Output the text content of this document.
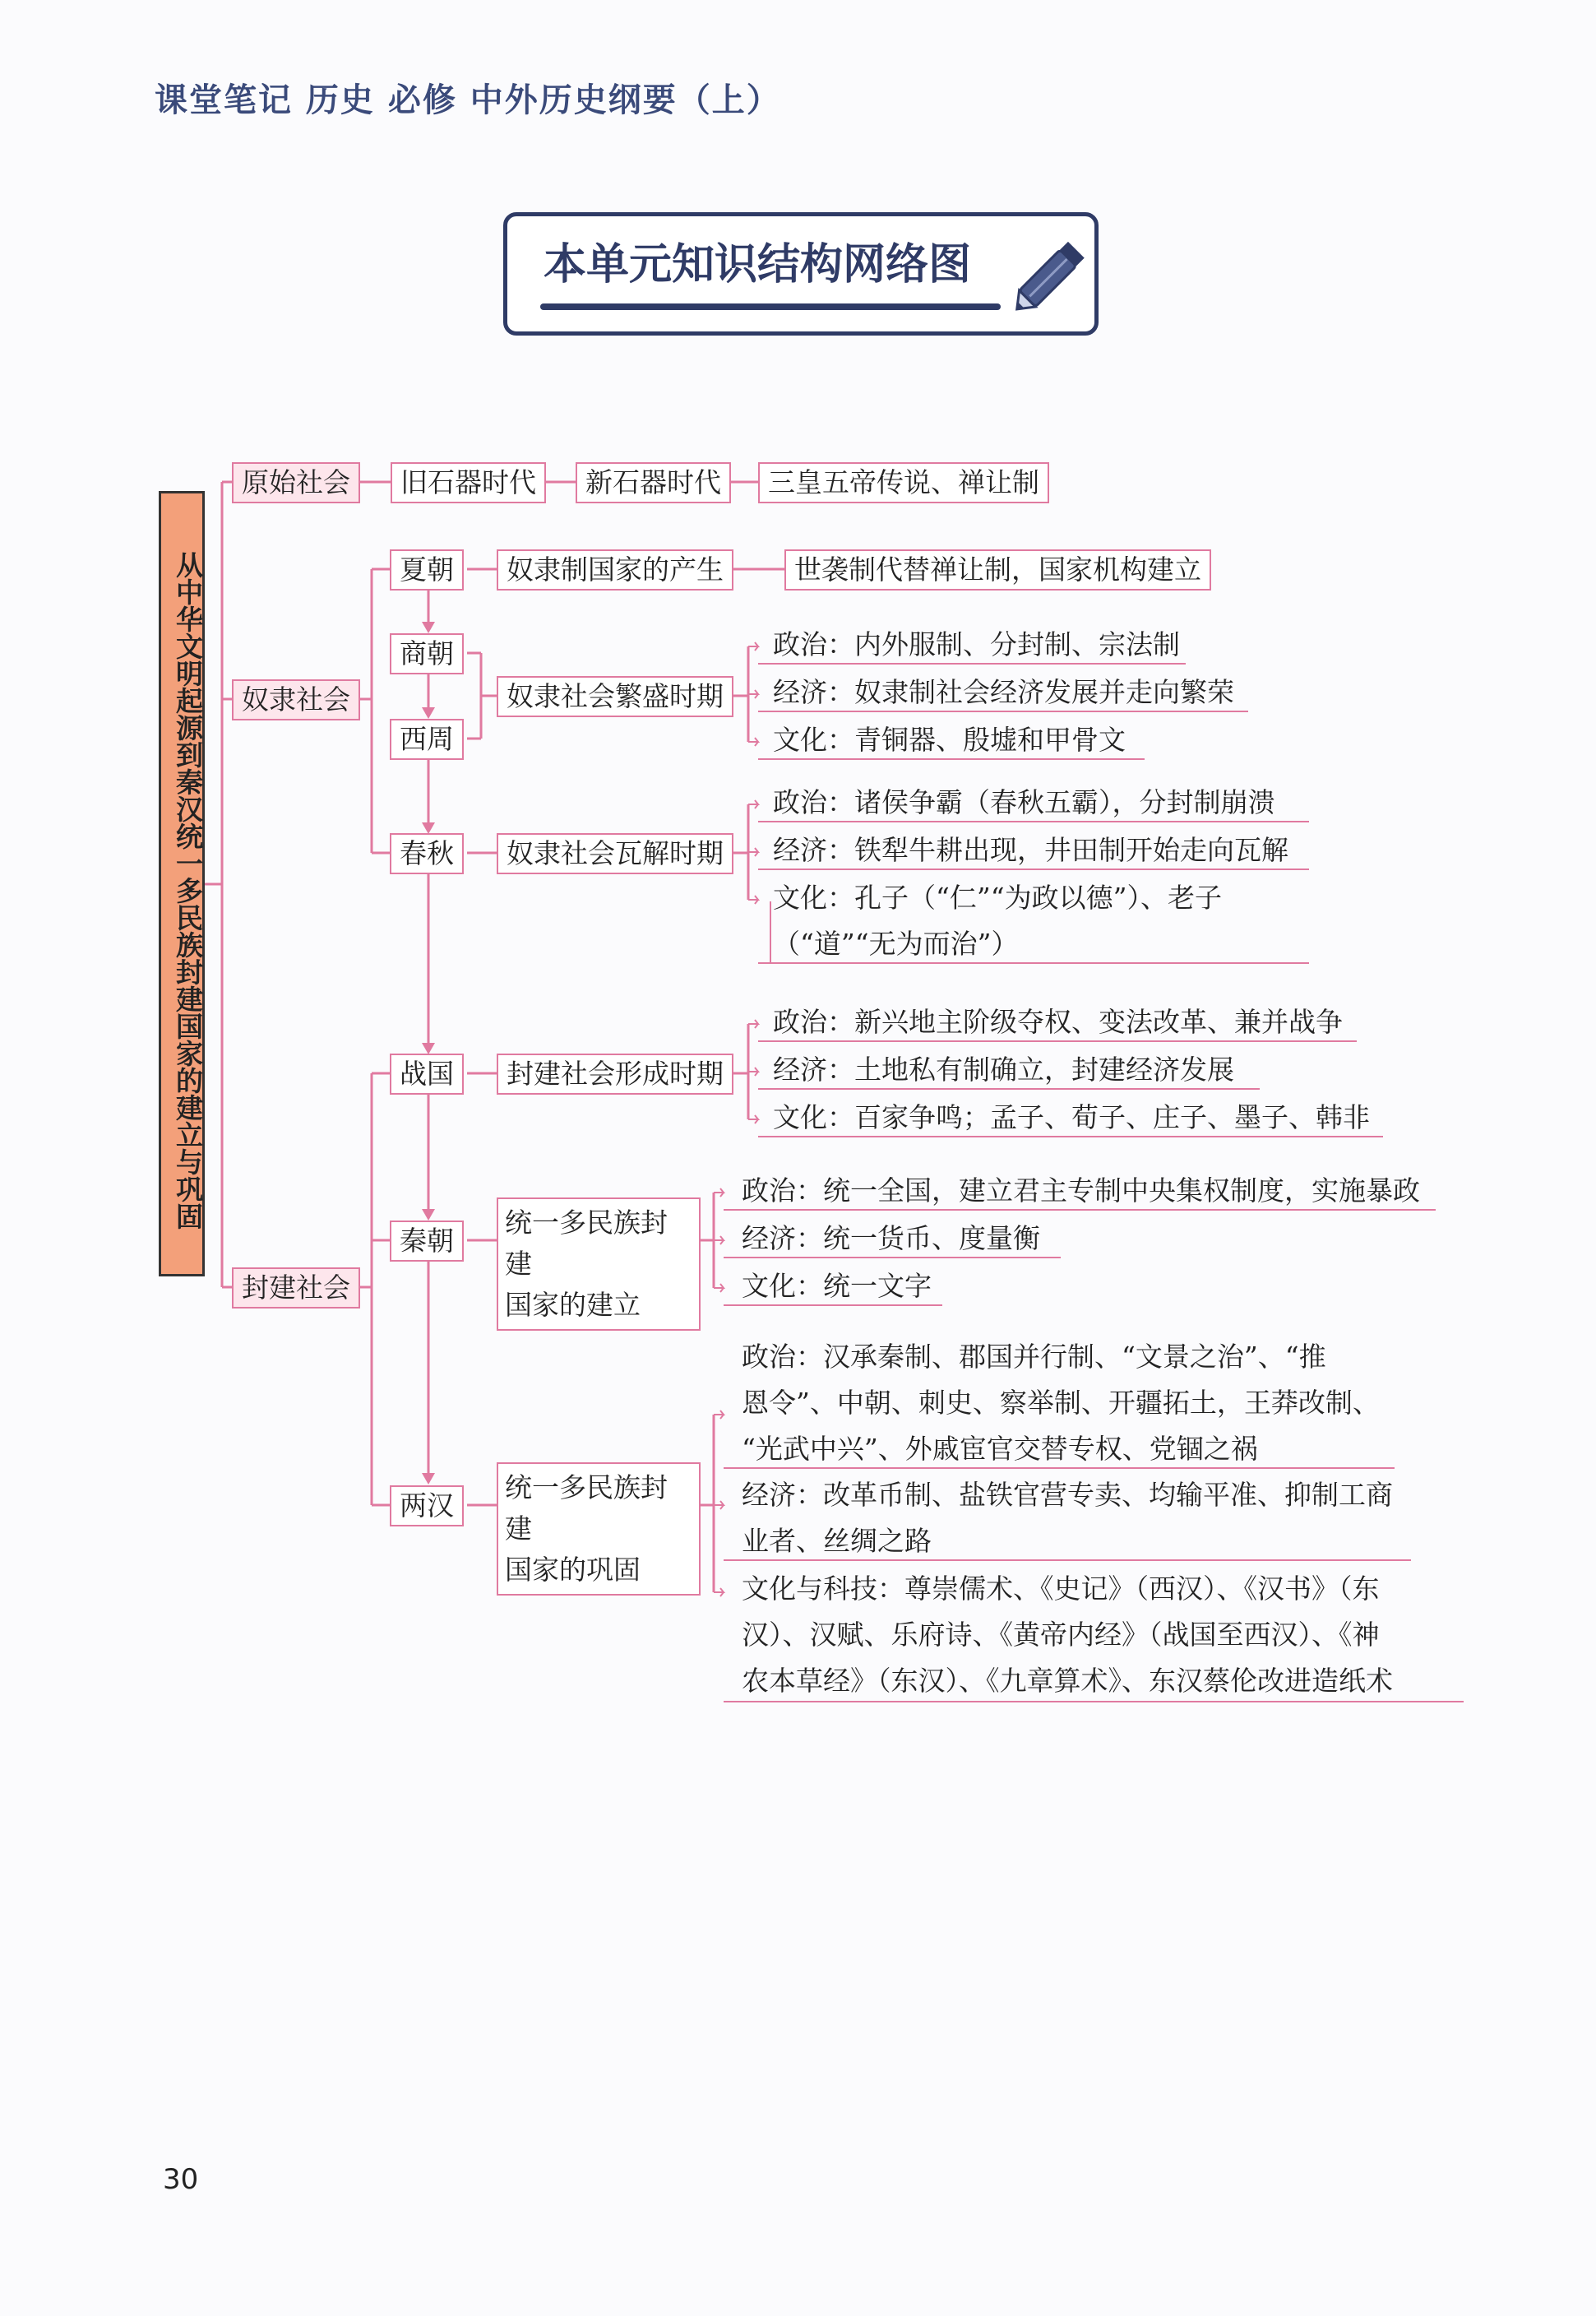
课堂笔记 历史 必修 中外历史纲要（上）
本单元知识结构网络图
从中华文明起源到秦汉统一多民族封建国家的建立与巩固
原始社会
奴隶社会
封建社会
旧石器时代	新石器时代	三皇五帝传说、禅让制
夏朝	奴隶制国家的产生	世袭制代替禅让制，国家机构建立
商朝
西周
奴隶社会繁盛时期
政治：内外服制、分封制、宗法制
经济：奴隶制社会经济发展并走向繁荣
文化：青铜器、殷墟和甲骨文
春秋	奴隶社会瓦解时期
政治：诸侯争霸（春秋五霸），分封制崩溃
经济：铁犁牛耕出现，井田制开始走向瓦解
文化：孔子（“仁”“为政以德”）、老子
（“道”“无为而治”）
战国	封建社会形成时期
政治：新兴地主阶级夺权、变法改革、兼并战争
经济：土地私有制确立，封建经济发展
文化：百家争鸣；孟子、荀子、庄子、墨子、韩非
秦朝
统一多民族封建
国家的建立
政治：统一全国，建立君主专制中央集权制度，实施暴政
经济：统一货币、度量衡
文化：统一文字
两汉
统一多民族封建
国家的巩固
政治：汉承秦制、郡国并行制、“文景之治”、“推
恩令”、中朝、刺史、察举制、开疆拓土，王莽改制、
“光武中兴”、外戚宦官交替专权、党锢之祸
经济：改革币制、盐铁官营专卖、均输平准、抑制工商
业者、丝绸之路
文化与科技：尊崇儒术、《史记》（西汉）、《汉书》（东
汉）、汉赋、乐府诗、《黄帝内经》（战国至西汉）、《神
农本草经》（东汉）、《九章算术》、东汉蔡伦改进造纸术
30
